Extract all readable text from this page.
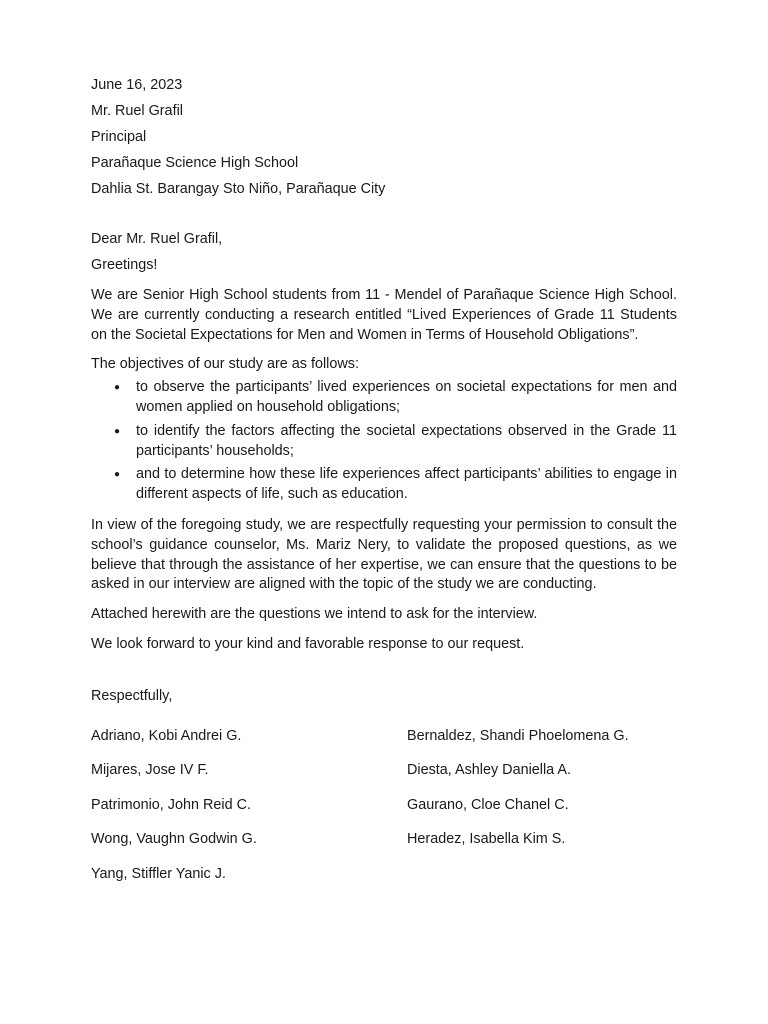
June 16, 2023
Mr. Ruel Grafil
Principal
Parañaque Science High School
Dahlia St. Barangay Sto Niño, Parañaque City
Dear Mr. Ruel Grafil,
Greetings!

We are Senior High School students from 11 - Mendel of Parañaque Science High School. We are currently conducting a research entitled “Lived Experiences of Grade 11 Students on the Societal Expectations for Men and Women in Terms of Household Obligations”.

The objectives of our study are as follows:

● to observe the participants’ lived experiences on societal expectations for men and women applied on household obligations;
● to identify the factors affecting the societal expectations observed in the Grade 11 participants’ households;
● and to determine how these life experiences affect participants’ abilities to engage in different aspects of life, such as education.

In view of the foregoing study, we are respectfully requesting your permission to consult the school’s guidance counselor, Ms. Mariz Nery, to validate the proposed questions, as we believe that through the assistance of her expertise, we can ensure that the questions to be asked in our interview are aligned with the topic of the study we are conducting.

Attached herewith are the questions we intend to ask for the interview.

We look forward to your kind and favorable response to our request.

Respectfully,
Adriano, Kobi Andrei G.	Bernaldez, Shandi Phoelomena G.
Mijares, Jose IV F.	Diesta, Ashley Daniella A.
Patrimonio, John Reid C.	Gaurano, Cloe Chanel C.
Wong, Vaughn Godwin G.	Heradez, Isabella Kim S.
Yang, Stiffler Yanic J.
